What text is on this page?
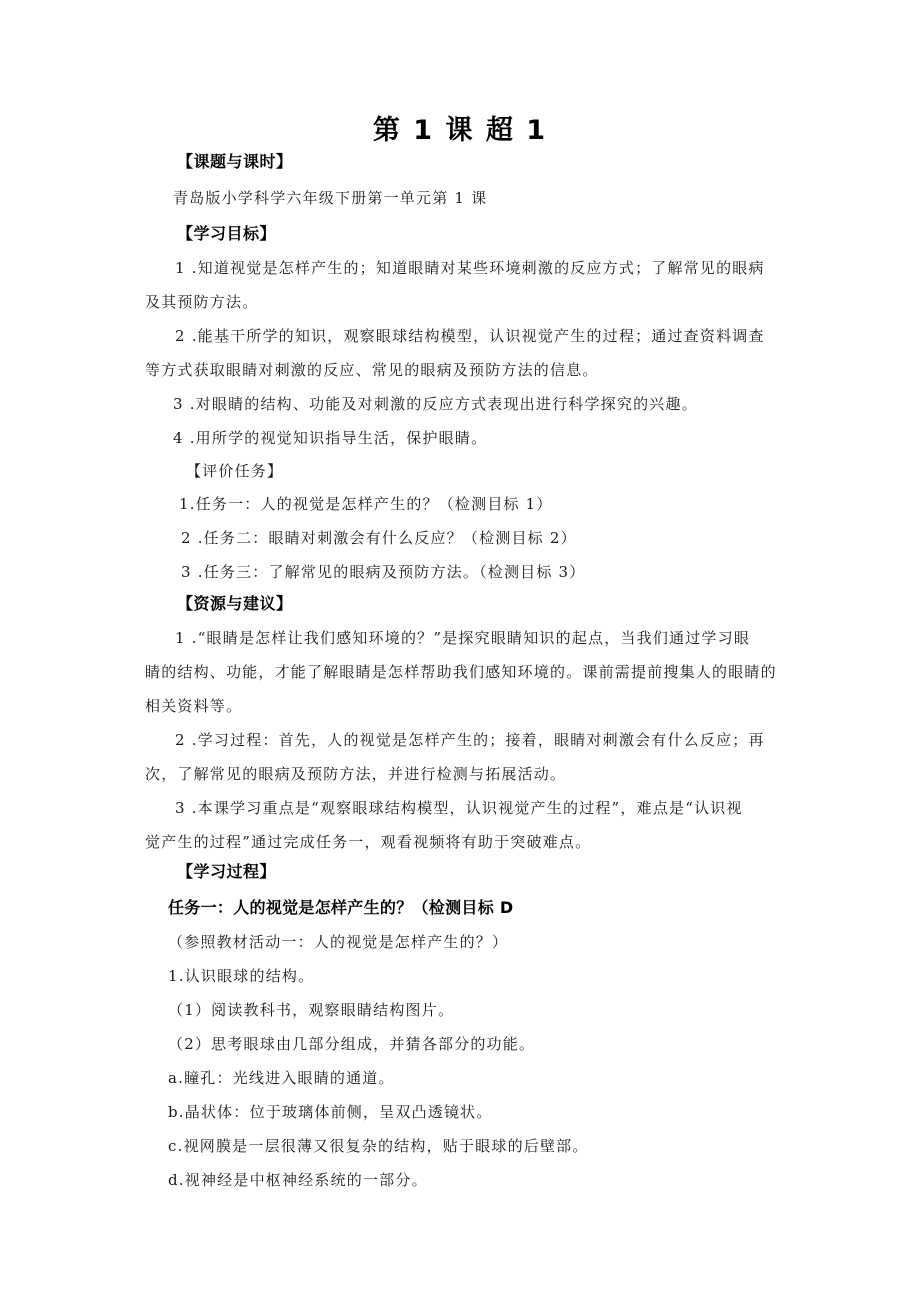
第 1 课 超 1
【课题与课时】
青岛版小学科学六年级下册第一单元第 1 课
【学习目标】
1 .知道视觉是怎样产生的；知道眼睛对某些环境刺激的反应方式；了解常见的眼病
及其预防方法。
2 .能基干所学的知识，观察眼球结构模型，认识视觉产生的过程；通过查资料调查
等方式获取眼睛对刺激的反应、常见的眼病及预防方法的信息。
3 .对眼睛的结构、功能及对刺激的反应方式表现出进行科学探究的兴趣。
4 .用所学的视觉知识指导生活，保护眼睛。
【评价任务】
1.任务一：人的视觉是怎样产生的？（检测目标 1）
2 .任务二：眼睛对刺激会有什么反应？（检测目标 2）
3 .任务三：了解常见的眼病及预防方法。（检测目标 3）
【资源与建议】
1 .“眼睛是怎样让我们感知环境的？”是探究眼睛知识的起点，当我们通过学习眼
睛的结构、功能，才能了解眼睛是怎样帮助我们感知环境的。课前需提前搜集人的眼睛的
相关资料等。
2 .学习过程：首先，人的视觉是怎样产生的；接着，眼睛对刺激会有什么反应；再
次，了解常见的眼病及预防方法，并进行检测与拓展活动。
3 .本课学习重点是“观察眼球结构模型，认识视觉产生的过程”，难点是“认识视
觉产生的过程”通过完成任务一，观看视频将有助于突破难点。
【学习过程】
任务一：人的视觉是怎样产生的？（检测目标 D
（参照教材活动一：人的视觉是怎样产生的？）
1.认识眼球的结构。
（1）阅读教科书，观察眼睛结构图片。
（2）思考眼球由几部分组成，并猜各部分的功能。
a.瞳孔：光线进入眼睛的通道。
b.晶状体：位于玻璃体前侧，呈双凸透镜状。
c.视网膜是一层很薄又很复杂的结构，贴于眼球的后壁部。
d.视神经是中枢神经系统的一部分。
